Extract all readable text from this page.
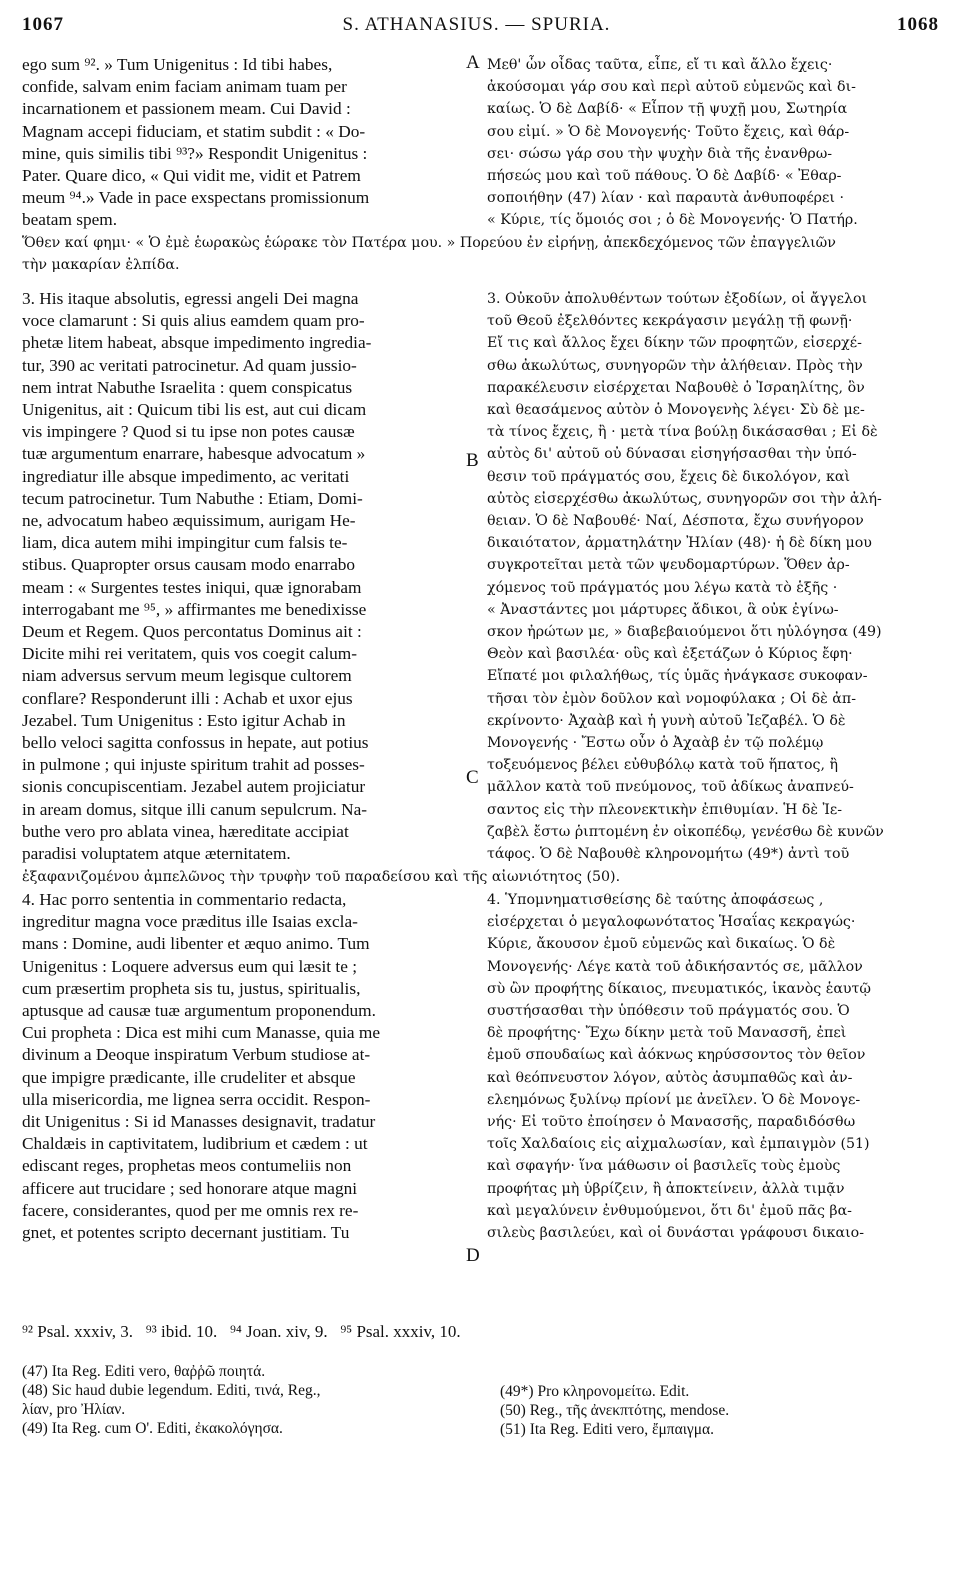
1067	S. ATHANASIUS. — SPURIA.	1068
ego sum ⁹². » Tum Unigenitus : Id tibi habes,
confide, salvam enim faciam animam tuam per
incarnationem et passionem meam. Cui David :
Magnam accepi fiduciam, et statim subdit : « Do-
mine, quis similis tibi ⁹³?» Respondit Unigenitus :
Pater. Quare dico, « Qui vidit me, vidit et Patrem
meum ⁹⁴.» Vade in pace exspectans promissionum
beatam spem.
Μεθ' ὧν οἶδας ταῦτα, εἶπε, εἴ τι καὶ ἄλλο ἔχεις·
ἀκούσομαι γάρ σου καὶ περὶ αὐτοῦ εὐμενῶς καὶ δι-
καίως. Ὁ δὲ Δαβίδ· « Εἶπον τῇ ψυχῇ μου, Σωτηρία
σου εἰμί. » Ὁ δὲ Μονογενής· Τοῦτο ἔχεις, καὶ θάρ-
σει· σώσω γάρ σου τὴν ψυχὴν διὰ τῆς ἐνανθρω-
πήσεώς μου καὶ τοῦ πάθους. Ὁ δὲ Δαβίδ· « Ἐθαρ-
σοποιήθην (47) λίαν · καὶ παραυτὰ ἀνθυποφέρει ·
« Κύριε, τίς ὅμοιός σοι ; ὁ δὲ Μονογενής· Ὁ Πατήρ.
Ὅθεν καί φημι· « Ὁ ἐμὲ ἑωρακὼς ἑώρακε τὸν Πατέρα μου. » Πορεύου ἐν εἰρήνῃ, ἀπεκδεχόμενος τῶν ἐπαγγελιῶν
τὴν μακαρίαν ἐλπίδα.
3. His itaque absolutis, egressi angeli Dei magna
voce clamarunt : Si quis alius eamdem quam pro-
phetæ litem habeat, absque impedimento ingredia-
tur, 390 ac veritati patrocinetur. Ad quam jussio-
nem intrat Nabuthe Israelita : quem conspicatus
Unigenitus, ait : Quicum tibi lis est, aut cui dicam
vis impingere ? Quod si tu ipse non potes causæ
tuæ argumentum enarrare, habesque advocatum »
ingrediatur ille absque impedimento, ac veritati
tecum patrocinetur. Tum Nabuthe : Etiam, Domi-
ne, advocatum habeo æquissimum, aurigam He-
liam, dica autem mihi impingitur cum falsis te-
stibus. Quapropter orsus causam modo enarrabo
meam : « Surgentes testes iniqui, quæ ignorabam
interrogabant me ⁹⁵, » affirmantes me benedixisse
Deum et Regem. Quos percontatus Dominus ait :
Dicite mihi rei veritatem, quis vos coegit calum-
niam adversus servum meum legisque cultorem
conflare? Responderunt illi : Achab et uxor ejus
Jezabel. Tum Unigenitus : Esto igitur Achab in
bello veloci sagitta confossus in hepate, aut potius
in pulmone ; qui injuste spiritum trahit ad posses-
sionis concupiscentiam. Jezabel autem projiciatur
in aream domus, sitque illi canum sepulcrum. Na-
buthe vero pro ablata vinea, hæreditate accipiat
paradisi voluptatem atque æternitatem.
3. Οὐκοῦν ἀπολυθέντων τούτων ἐξοδίων, οἱ ἄγγελοι
τοῦ Θεοῦ ἐξελθόντες κεκράγασιν μεγάλῃ τῇ φωνῇ·
Εἴ τις καὶ ἄλλος ἔχει δίκην τῶν προφητῶν, εἰσερχέ-
σθω ἀκωλύτως, συνηγορῶν τὴν ἀλήθειαν. Πρὸς τὴν
παρακέλευσιν εἰσέρχεται Ναβουθὲ ὁ Ἰσραηλίτης, ὃν
καὶ θεασάμενος αὐτὸν ὁ Μονογενὴς λέγει· Σὺ δὲ με-
τὰ τίνος ἔχεις, ἢ · μετὰ τίνα βούλῃ δικάσασθαι ; Εἰ δὲ
αὐτὸς δι' αὐτοῦ οὐ δύνασαι εἰσηγήσασθαι τὴν ὑπό-
θεσιν τοῦ πράγματός σου, ἔχεις δὲ δικολόγον, καὶ
αὐτὸς εἰσερχέσθω ἀκωλύτως, συνηγορῶν σοι τὴν ἀλή-
θειαν. Ὁ δὲ Ναβουθέ· Ναί, Δέσποτα, ἔχω συνήγορον
δικαιότατον, ἁρματηλάτην Ἠλίαν (48)· ἡ δὲ δίκη μου
συγκροτεῖται μετὰ τῶν ψευδομαρτύρων. Ὅθεν ἀρ-
χόμενος τοῦ πράγματός μου λέγω κατὰ τὸ ἑξῆς ·
« Ἀναστάντες μοι μάρτυρες ἄδικοι, ἃ οὐκ ἐγίνω-
σκον ἠρώτων με, » διαβεβαιούμενοι ὅτι ηὐλόγησα (49)
Θεὸν καὶ βασιλέα· οὓς καὶ ἐξετάζων ὁ Κύριος ἔφη·
Εἴπατέ μοι φιλαλήθως, τίς ὑμᾶς ἠνάγκασε συκοφαν-
τῆσαι τὸν ἐμὸν δοῦλον καὶ νομοφύλακα ; Οἱ δὲ ἀπ-
εκρίνοντο· Ἀχαὰβ καὶ ἡ γυνὴ αὐτοῦ Ἰεζαβέλ. Ὁ δὲ
Μονογενής · Ἔστω οὖν ὁ Ἀχαὰβ ἐν τῷ πολέμῳ
τοξευόμενος βέλει εὐθυβόλῳ κατὰ τοῦ ἥπατος, ἢ
μᾶλλον κατὰ τοῦ πνεύμονος, τοῦ ἀδίκως ἀναπνεύ-
σαντος εἰς τὴν πλεονεκτικὴν ἐπιθυμίαν. Ἡ δὲ Ἰε-
ζαβὲλ ἔστω ῥιπτομένη ἐν οἰκοπέδῳ, γενέσθω δὲ κυνῶν
τάφος. Ὁ δὲ Ναβουθὲ κληρονομήτω (49*) ἀντὶ τοῦ
ἐξαφανιζομένου ἀμπελῶνος τὴν τρυφὴν τοῦ παραδείσου καὶ τῆς αἰωνιότητος (50).
4. Hac porro sententia in commentario redacta,
ingreditur magna voce præditus ille Isaias excla-
mans : Domine, audi libenter et æquo animo. Tum
Unigenitus : Loquere adversus eum qui læsit te ;
cum præsertim propheta sis tu, justus, spiritualis,
aptusque ad causæ tuæ argumentum proponendum.
Cui propheta : Dica est mihi cum Manasse, quia me
divinum a Deoque inspiratum Verbum studiose at-
que impigre prædicante, ille crudeliter et absque
ulla misericordia, me lignea serra occidit. Respon-
dit Unigenitus : Si id Manasses designavit, tradatur
Chaldæis in captivitatem, ludibrium et cædem : ut
ediscant reges, prophetas meos contumeliis non
afficere aut trucidare ; sed honorare atque magni
facere, considerantes, quod per me omnis rex re-
gnet, et potentes scripto decernant justitiam. Tu
4. Ὑπομνηματισθείσης δὲ ταύτης ἀποφάσεως ,
εἰσέρχεται ὁ μεγαλοφωνότατος Ἡσαΐας κεκραγώς·
Κύριε, ἄκουσον ἐμοῦ εὐμενῶς καὶ δικαίως. Ὁ δὲ
Μονογενής· Λέγε κατὰ τοῦ ἀδικήσαντός σε, μᾶλλον
σὺ ὢν προφήτης δίκαιος, πνευματικός, ἱκανὸς ἑαυτῷ
συστήσασθαι τὴν ὑπόθεσιν τοῦ πράγματός σου. Ὁ
δὲ προφήτης· Ἔχω δίκην μετὰ τοῦ Μανασσῆ, ἐπεὶ
ἐμοῦ σπουδαίως καὶ ἀόκνως κηρύσσοντος τὸν θεῖον
καὶ θεόπνευστον λόγον, αὐτὸς ἀσυμπαθῶς καὶ ἀν-
ελεημόνως ξυλίνῳ πρίονί με ἀνεῖλεν. Ὁ δὲ Μονογε-
νής· Εἰ τοῦτο ἐποίησεν ὁ Μανασσῆς, παραδιδόσθω
τοῖς Χαλδαίοις εἰς αἰχμαλωσίαν, καὶ ἐμπαιγμὸν (51)
καὶ σφαγήν· ἵνα μάθωσιν οἱ βασιλεῖς τοὺς ἐμοὺς
προφήτας μὴ ὑβρίζειν, ἢ ἀποκτείνειν, ἀλλὰ τιμᾷν
καὶ μεγαλύνειν ἐνθυμούμενοι, ὅτι δι' ἐμοῦ πᾶς βα-
σιλεὺς βασιλεύει, καὶ οἱ δυνάσται γράφουσι δικαιο-
A
B
C
D
⁹² Psal. xxxiv, 3.   ⁹³ ibid. 10.   ⁹⁴ Joan. xiv, 9.   ⁹⁵ Psal. xxxiv, 10.
(47) Ita Reg. Editi vero, θαῤῥῶ ποιητά.
(48) Sic haud dubie legendum. Editi, τινά, Reg.,
λίαν, pro Ἠλίαν.
(49) Ita Reg. cum O'. Editi, ἐκακολόγησα.
(49*) Pro κληρονομείτω. Edit.
(50) Reg., τῆς ἀνεκπτότης, mendose.
(51) Ita Reg. Editi vero, ἔμπαιγμα.
